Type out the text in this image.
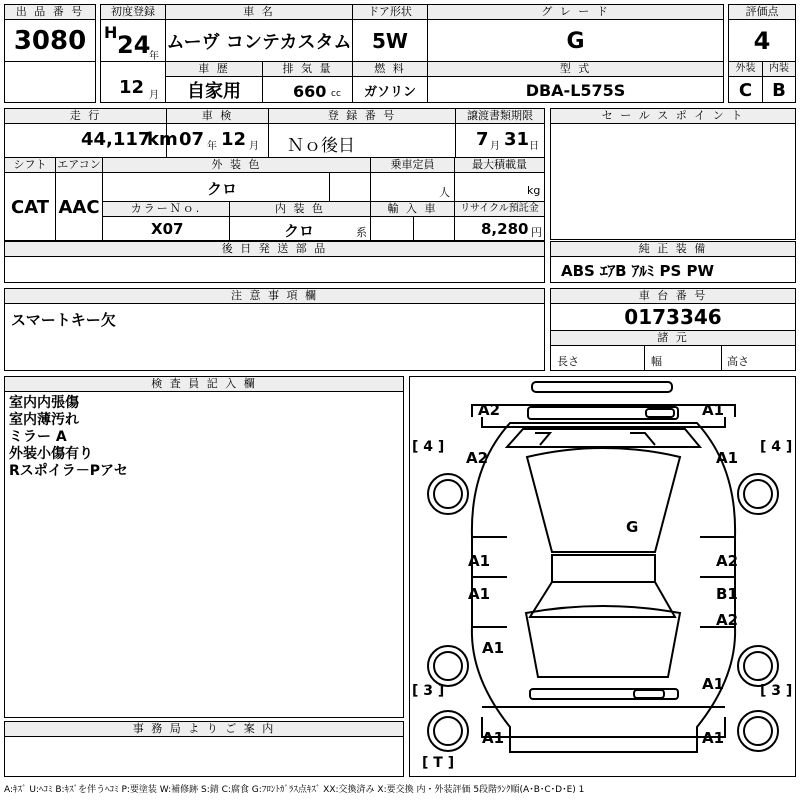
出 品 番 号
3080
初度登録
H 24
年
12 月
車 名
ムーヴ コンテカスタム
ドア形状
5W
グ レ ー ド
G
評価点
4
車 歴
自家用
排 気 量
660 cc
燃 料
ガソリン
型 式
DBA-L575S
外装
C
内装
B
走 行
44,117
km
車 検
07 年 12 月
登 録 番 号
Ｎｏ後日
譲渡書類期限
7 月 31 日
セ ー ル ス ポ イ ン ト
シフト
CAT
エアコン
AAC
外 装 色
クロ
乗車定員
人
最大積載量
kg
カラーＮｏ.
X07
内 装 色
クロ	系
輸 入 車	リサイクル預託金
8,280 円
後 日 発 送 部 品	純 正 装 備
ABS ｴｱB ｱﾙﾐ PS PW
注 意 事 項 欄
スマートキー欠
車 台 番 号
0173346
諸 元
長さ	幅	高さ
検 査 員 記 入 欄
室内内張傷
室内薄汚れ
ミラー A
外装小傷有り
Rスポイラ－Pアセ
事 務 局 よ り ご 案 内
A2	A1
[ 4 ]	[ 4 ]
A2	A1
G
A1	A2
A1	B1
A2
A1
A1
[ 3 ]	[ 3 ]
A1	A1
[ T ]
A:ｷｽﾞ U:ﾍｺﾐ B:ｷｽﾞを伴うﾍｺﾐ P:要塗装 W:補修跡 S:錆 C:腐食 G:ﾌﾛﾝﾄｶﾞﾗｽ点ｷｽﾞ XX:交換済み X:要交換 内・外装評価 5段階ﾗﾝｸ順(A･B･C･D･E) 1
